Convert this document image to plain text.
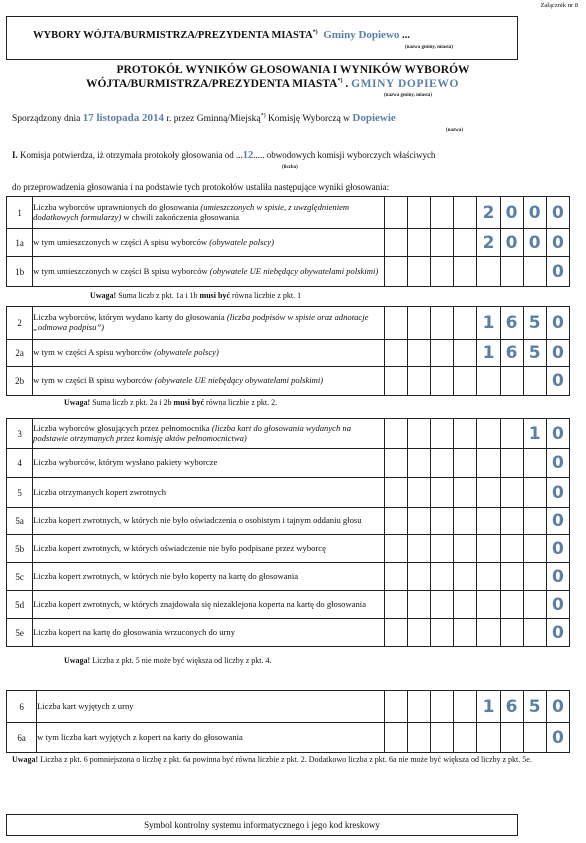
Załącznik nr 8
WYBORY WÓJTA/BURMISTRZA/PREZYDENTA MIASTA*) Gminy Dopiewo ...
(nazwa gminy, miasta)
PROTOKÓŁ WYNIKÓW GŁOSOWANIA I WYNIKÓW WYBORÓW
WÓJTA/BURMISTRZA/PREZYDENTA MIASTA*) . GMINY DOPIEWO
(nazwa gminy, miasta)
Sporządzony dnia 17 listopada 2014 r. przez Gminną/Miejską*) Komisję Wyborczą w Dopiewie
(nazwa)
I. Komisja potwierdza, iż otrzymała protokoły głosowania od ...12..... obwodowych komisji wyborczych właściwych
(liczba)
do przeprowadzenia głosowania i na podstawie tych protokołów ustaliła następujące wyniki głosowania:
1	Liczba wyborców uprawnionych do głosowania (umieszczonych w spisie, z uwzględnieniem dodatkowych formularzy) w chwili zakończenia głosowania					2	0	0	0
1a	w tym umieszczonych w części A spisu wyborców (obywatele polscy)					2	0	0	0
1b	w tym umieszczonych w części B spisu wyborców (obywatele UE niebędący obywatelami polskimi)								0
Uwaga! Suma liczb z pkt. 1a i 1b musi być równa liczbie z pkt. 1
2	Liczba wyborców, którym wydano karty do głosowania (liczba podpisów w spisie oraz adnotacje „odmowa podpisu”)					1	6	5	0
2a	w tym w części A spisu wyborców (obywatele polscy)					1	6	5	0
2b	w tym w części B spisu wyborców (obywatele UE niebędący obywatelami polskimi)								0
Uwaga! Suma liczb z pkt. 2a i 2b musi być równa liczbie z pkt. 2.
3	Liczba wyborców głosujących przez pełnomocnika (liczba kart do głosowania wydanych na podstawie otrzymanych przez komisję aktów pełnomocnictwa)							1	0
4	Liczba wyborców, którym wysłano pakiety wyborcze								0
5	Liczba otrzymanych kopert zwrotnych								0
5a	Liczba kopert zwrotnych, w których nie było oświadczenia o osobistym i tajnym oddaniu głosu								0
5b	Liczba kopert zwrotnych, w których oświadczenie nie było podpisane przez wyborcę								0
5c	Liczba kopert zwrotnych, w których nie było koperty na kartę do głosowania								0
5d	Liczba kopert zwrotnych, w których znajdowała się niezaklejona koperta na kartę do głosowania								0
5e	Liczba kopert na kartę do głosowania wrzuconych do urny								0
Uwaga! Liczba z pkt. 5 nie może być większa od liczby z pkt. 4.
6	Liczba kart wyjętych z urny					1	6	5	0
6a	w tym liczba kart wyjętych z kopert na karty do głosowania								0
Uwaga! Liczba z pkt. 6 pomniejszona o liczbę z pkt. 6a powinna być równa liczbie z pkt. 2. Dodatkowo liczba z pkt. 6a nie może być większa od liczby z pkt. 5e.
Symbol kontrolny systemu informatycznego i jego kod kreskowy
